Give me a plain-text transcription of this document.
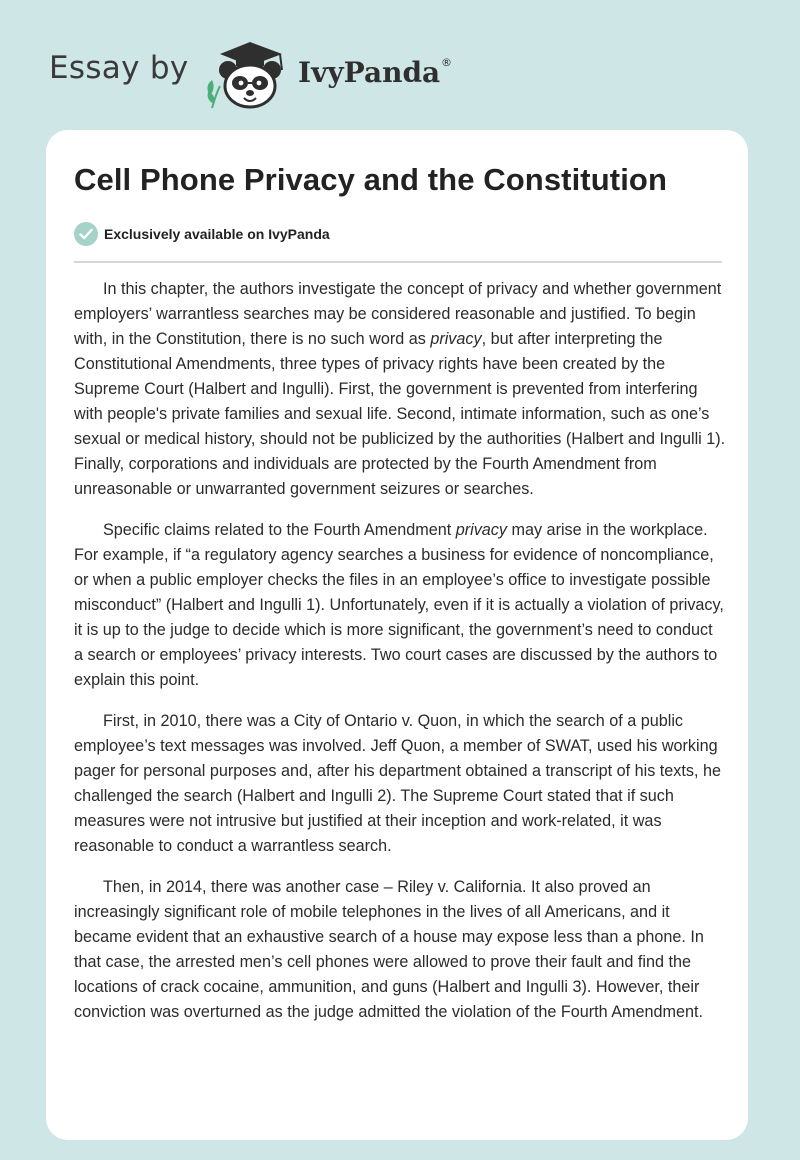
Essay by	IvyPanda ®
Cell Phone Privacy and the Constitution
Exclusively available on IvyPanda

In this chapter, the authors investigate the concept of privacy and whether government employers’ warrantless searches may be considered reasonable and justified. To begin with, in the Constitution, there is no such word as privacy, but after interpreting the Constitutional Amendments, three types of privacy rights have been created by the Supreme Court (Halbert and Ingulli). First, the government is prevented from interfering with people's private families and sexual life. Second, intimate information, such as one’s sexual or medical history, should not be publicized by the authorities (Halbert and Ingulli 1). Finally, corporations and individuals are protected by the Fourth Amendment from unreasonable or unwarranted government seizures or searches.

Specific claims related to the Fourth Amendment privacy may arise in the workplace. For example, if “a regulatory agency searches a business for evidence of noncompliance, or when a public employer checks the files in an employee’s office to investigate possible misconduct” (Halbert and Ingulli 1). Unfortunately, even if it is actually a violation of privacy, it is up to the judge to decide which is more significant, the government’s need to conduct a search or employees’ privacy interests. Two court cases are discussed by the authors to explain this point.

First, in 2010, there was a City of Ontario v. Quon, in which the search of a public employee’s text messages was involved. Jeff Quon, a member of SWAT, used his working pager for personal purposes and, after his department obtained a transcript of his texts, he challenged the search (Halbert and Ingulli 2). The Supreme Court stated that if such measures were not intrusive but justified at their inception and work-related, it was reasonable to conduct a warrantless search.

Then, in 2014, there was another case – Riley v. California. It also proved an increasingly significant role of mobile telephones in the lives of all Americans, and it became evident that an exhaustive search of a house may expose less than a phone. In that case, the arrested men’s cell phones were allowed to prove their fault and find the locations of crack cocaine, ammunition, and guns (Halbert and Ingulli 3). However, their conviction was overturned as the judge admitted the violation of the Fourth Amendment.
